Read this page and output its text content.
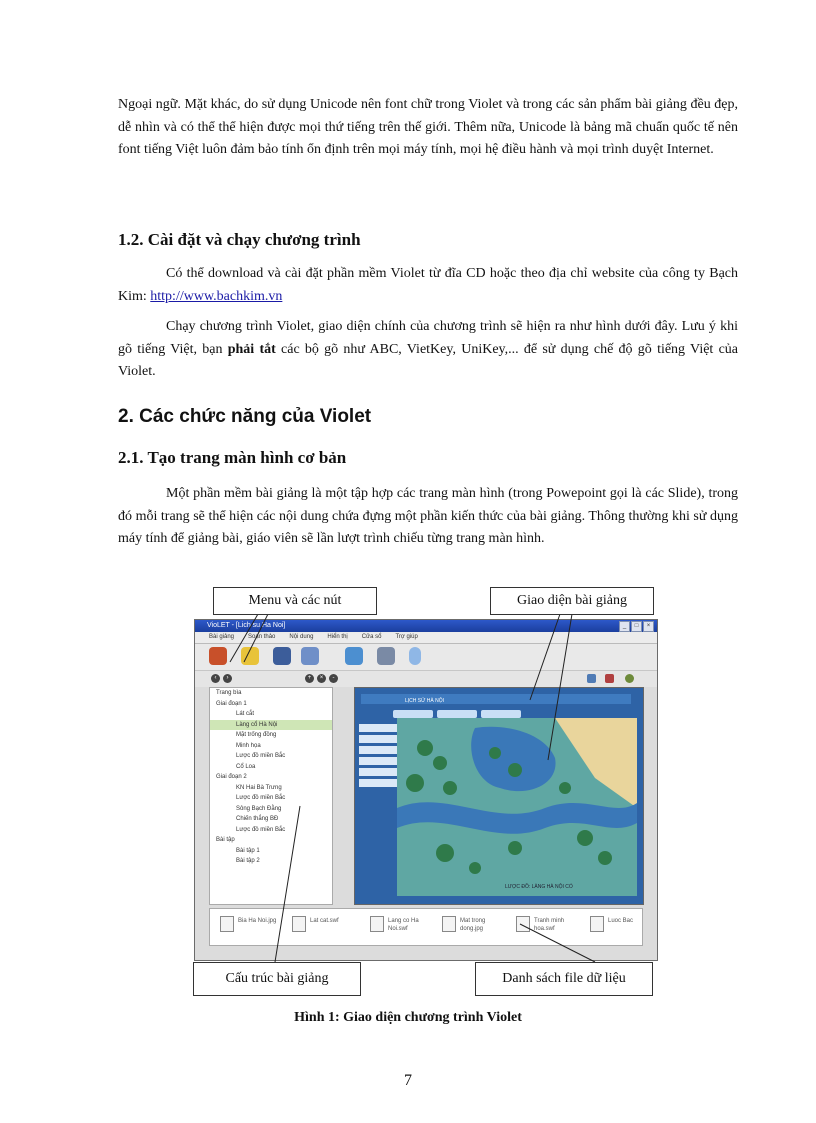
Ngoại ngữ. Mặt khác, do sử dụng Unicode nên font chữ trong Violet và trong các sản phẩm bài giảng đều đẹp, dễ nhìn và có thể thể hiện được mọi thứ tiếng trên thế giới. Thêm nữa, Unicode là bảng mã chuẩn quốc tế nên font tiếng Việt luôn đảm bảo tính ổn định trên mọi máy tính, mọi hệ điều hành và mọi trình duyệt Internet.

1.2. Cài đặt và chạy chương trình

Có thể download và cài đặt phần mềm Violet từ đĩa CD hoặc theo địa chỉ website của công ty Bạch Kim: http://www.bachkim.vn

Chạy chương trình Violet, giao diện chính của chương trình sẽ hiện ra như hình dưới đây. Lưu ý khi gõ tiếng Việt, bạn phải tắt các bộ gõ như ABC, VietKey, UniKey,... để sử dụng chế độ gõ tiếng Việt của Violet.

2. Các chức năng của Violet
2.1. Tạo trang màn hình cơ bản

Một phần mềm bài giảng là một tập hợp các trang màn hình (trong Powepoint gọi là các Slide), trong đó mỗi trang sẽ thể hiện các nội dung chứa đựng một phần kiến thức của bài giảng. Thông thường khi sử dụng máy tính để giảng bài, giáo viên sẽ lần lượt trình chiếu từng trang màn hình.

VioLET - [Lich su Ha Noi]	_	□	×
Bài giảng Soạn thảo Nội dung Hiển thị Cửa sổ Trợ giúp
‹	›	+	×	-
Trang bìa
Giai đoạn 1
Lát cắt
Làng cổ Hà Nội
Mặt trống đồng
Minh họa
Lược đồ miền Bắc
Cổ Loa
Giai đoạn 2
KN Hai Bà Trưng
Lược đồ miền Bắc
Sông Bạch Đằng
Chiến thắng BĐ
Lược đồ miền Bắc
Bài tập
Bài tập 1
Bài tập 2
LƯỢC ĐỒ: LÀNG HÀ NỘI CỔ
LỊCH SỬ HÀ NỘI
Bia Ha Noi.jpg	Lat cat.swf	Lang co Ha Noi.swf
Mat trong dong.jpg
Tranh minh hoa.swf
Luoc Bac
Menu và các nút	Giao diện bài giảng
Cấu trúc bài giảng	Danh sách file dữ liệu
Hình 1: Giao diện chương trình Violet
7
